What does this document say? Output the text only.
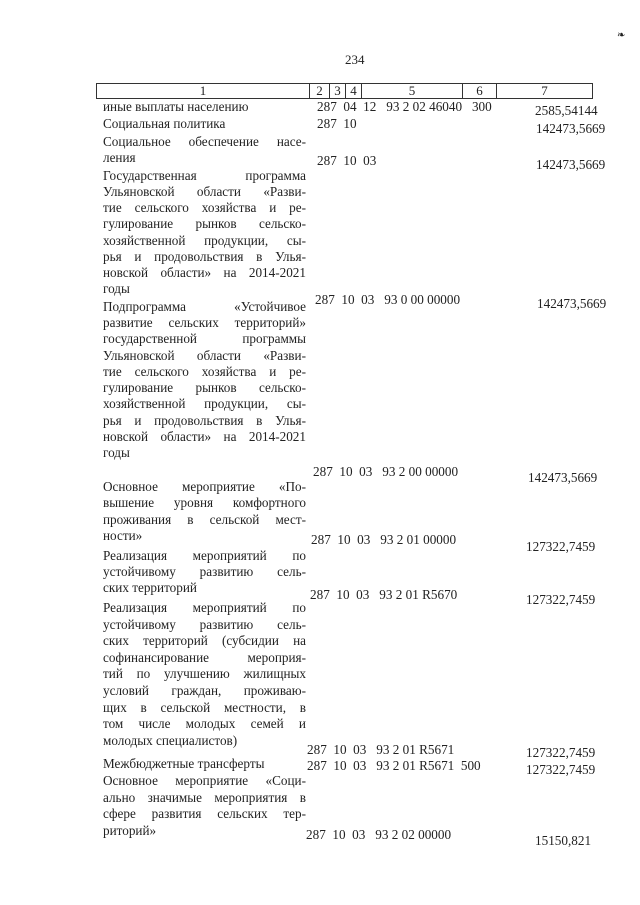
234
❧
1	2	3	4	5	6	7
иные выплаты населению	287  04  12   93 2 02 46040   300	2585,54144
Социальная политика	287  10	142473,5669
Социальное обеспечение насе-
ления	287  10  03	142473,5669
Государственная программа
Ульяновской области «Разви-
тие сельского хозяйства и ре-
гулирование рынков сельско-
хозяйственной продукции, сы-
рья и продовольствия в Улья-
новской области» на 2014-2021
годы
287  10  03   93 0 00 00000	142473,5669
Подпрограмма «Устойчивое
развитие сельских территорий»
государственной программы
Ульяновской области «Разви-
тие сельского хозяйства и ре-
гулирование рынков сельско-
хозяйственной продукции, сы-
рья и продовольствия в Улья-
новской области» на 2014-2021
годы
287  10  03   93 2 00 00000	142473,5669
Основное мероприятие «По-
вышение уровня комфортного
проживания в сельской мест-
ности»	287  10  03   93 2 01 00000	127322,7459
Реализация мероприятий по
устойчивому развитию сель-
ских территорий	287  10  03   93 2 01 R5670	127322,7459
Реализация мероприятий по
устойчивому развитию сель-
ских территорий (субсидии на
софинансирование мероприя-
тий по улучшению жилищных
условий граждан, проживаю-
щих в сельской местности, в
том числе молодых семей и
молодых специалистов)
287  10  03   93 2 01 R5671	127322,7459
Межбюджетные трансферты	287  10  03   93 2 01 R5671  500	127322,7459
Основное мероприятие «Соци-
ально значимые мероприятия в
сфере развития сельских тер-
риторий»	287  10  03   93 2 02 00000	15150,821
